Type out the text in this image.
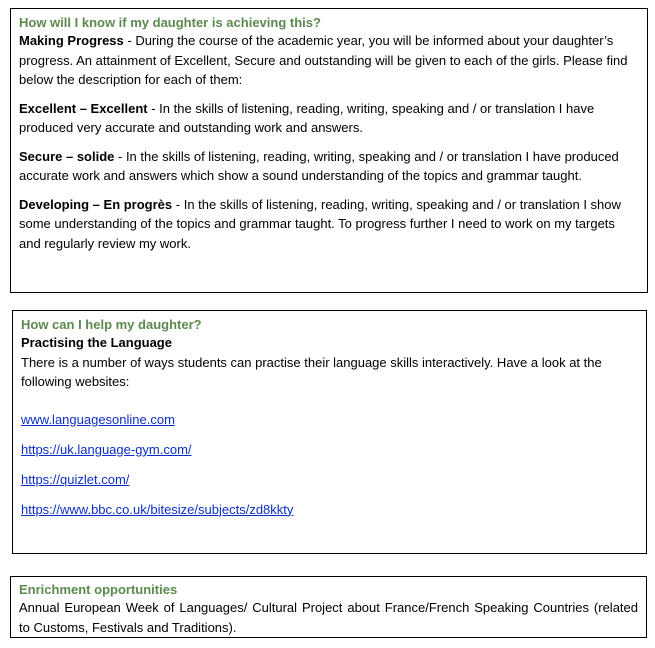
How will I know if my daughter is achieving this?

Making Progress - During the course of the academic year, you will be informed about your daughter’s progress. An attainment of Excellent, Secure and outstanding will be given to each of the girls. Please find below the description for each of them:

Excellent – Excellent - In the skills of listening, reading, writing, speaking and / or translation I have produced very accurate and outstanding work and answers.

Secure – solide - In the skills of listening, reading, writing, speaking and / or translation I have produced accurate work and answers which show a sound understanding of the topics and grammar taught.

Developing – En progrès - In the skills of listening, reading, writing, speaking and / or translation I show some understanding of the topics and grammar taught. To progress further I need to work on my targets and regularly review my work.

How can I help my daughter?

Practising the Language

There is a number of ways students can practise their language skills interactively. Have a look at the following websites:

www.languagesonline.com
https://uk.language-gym.com/
https://quizlet.com/
https://www.bbc.co.uk/bitesize/subjects/zd8kkty

Enrichment opportunities

Annual European Week of Languages/ Cultural Project about France/French Speaking Countries (related to Customs, Festivals and Traditions).
